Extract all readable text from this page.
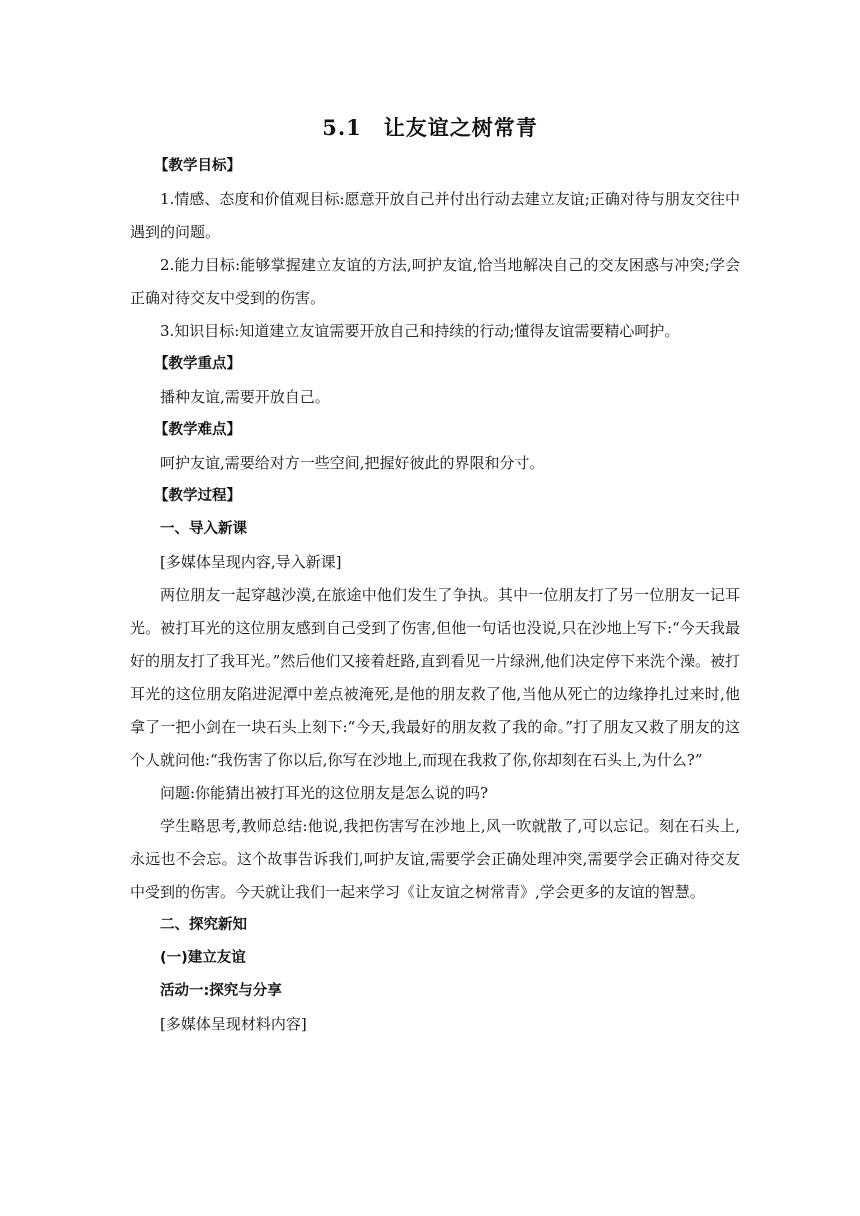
5.1　让友谊之树常青

【教学目标】

1.情感、态度和价值观目标:愿意开放自己并付出行动去建立友谊;正确对待与朋友交往中遇到的问题。

2.能力目标:能够掌握建立友谊的方法,呵护友谊,恰当地解决自己的交友困惑与冲突;学会正确对待交友中受到的伤害。

3.知识目标:知道建立友谊需要开放自己和持续的行动;懂得友谊需要精心呵护。

【教学重点】

播种友谊,需要开放自己。

【教学难点】

呵护友谊,需要给对方一些空间,把握好彼此的界限和分寸。

【教学过程】

一、导入新课

[多媒体呈现内容,导入新课]

两位朋友一起穿越沙漠,在旅途中他们发生了争执。其中一位朋友打了另一位朋友一记耳光。被打耳光的这位朋友感到自己受到了伤害,但他一句话也没说,只在沙地上写下:“今天我最好的朋友打了我耳光。”然后他们又接着赶路,直到看见一片绿洲,他们决定停下来洗个澡。被打耳光的这位朋友陷进泥潭中差点被淹死,是他的朋友救了他,当他从死亡的边缘挣扎过来时,他拿了一把小剑在一块石头上刻下:“今天,我最好的朋友救了我的命。”打了朋友又救了朋友的这个人就问他:“我伤害了你以后,你写在沙地上,而现在我救了你,你却刻在石头上,为什么?”

问题:你能猜出被打耳光的这位朋友是怎么说的吗?

学生略思考,教师总结:他说,我把伤害写在沙地上,风一吹就散了,可以忘记。刻在石头上,永远也不会忘。这个故事告诉我们,呵护友谊,需要学会正确处理冲突,需要学会正确对待交友中受到的伤害。今天就让我们一起来学习《让友谊之树常青》,学会更多的友谊的智慧。

二、探究新知

(一)建立友谊

活动一:探究与分享

[多媒体呈现材料内容]
